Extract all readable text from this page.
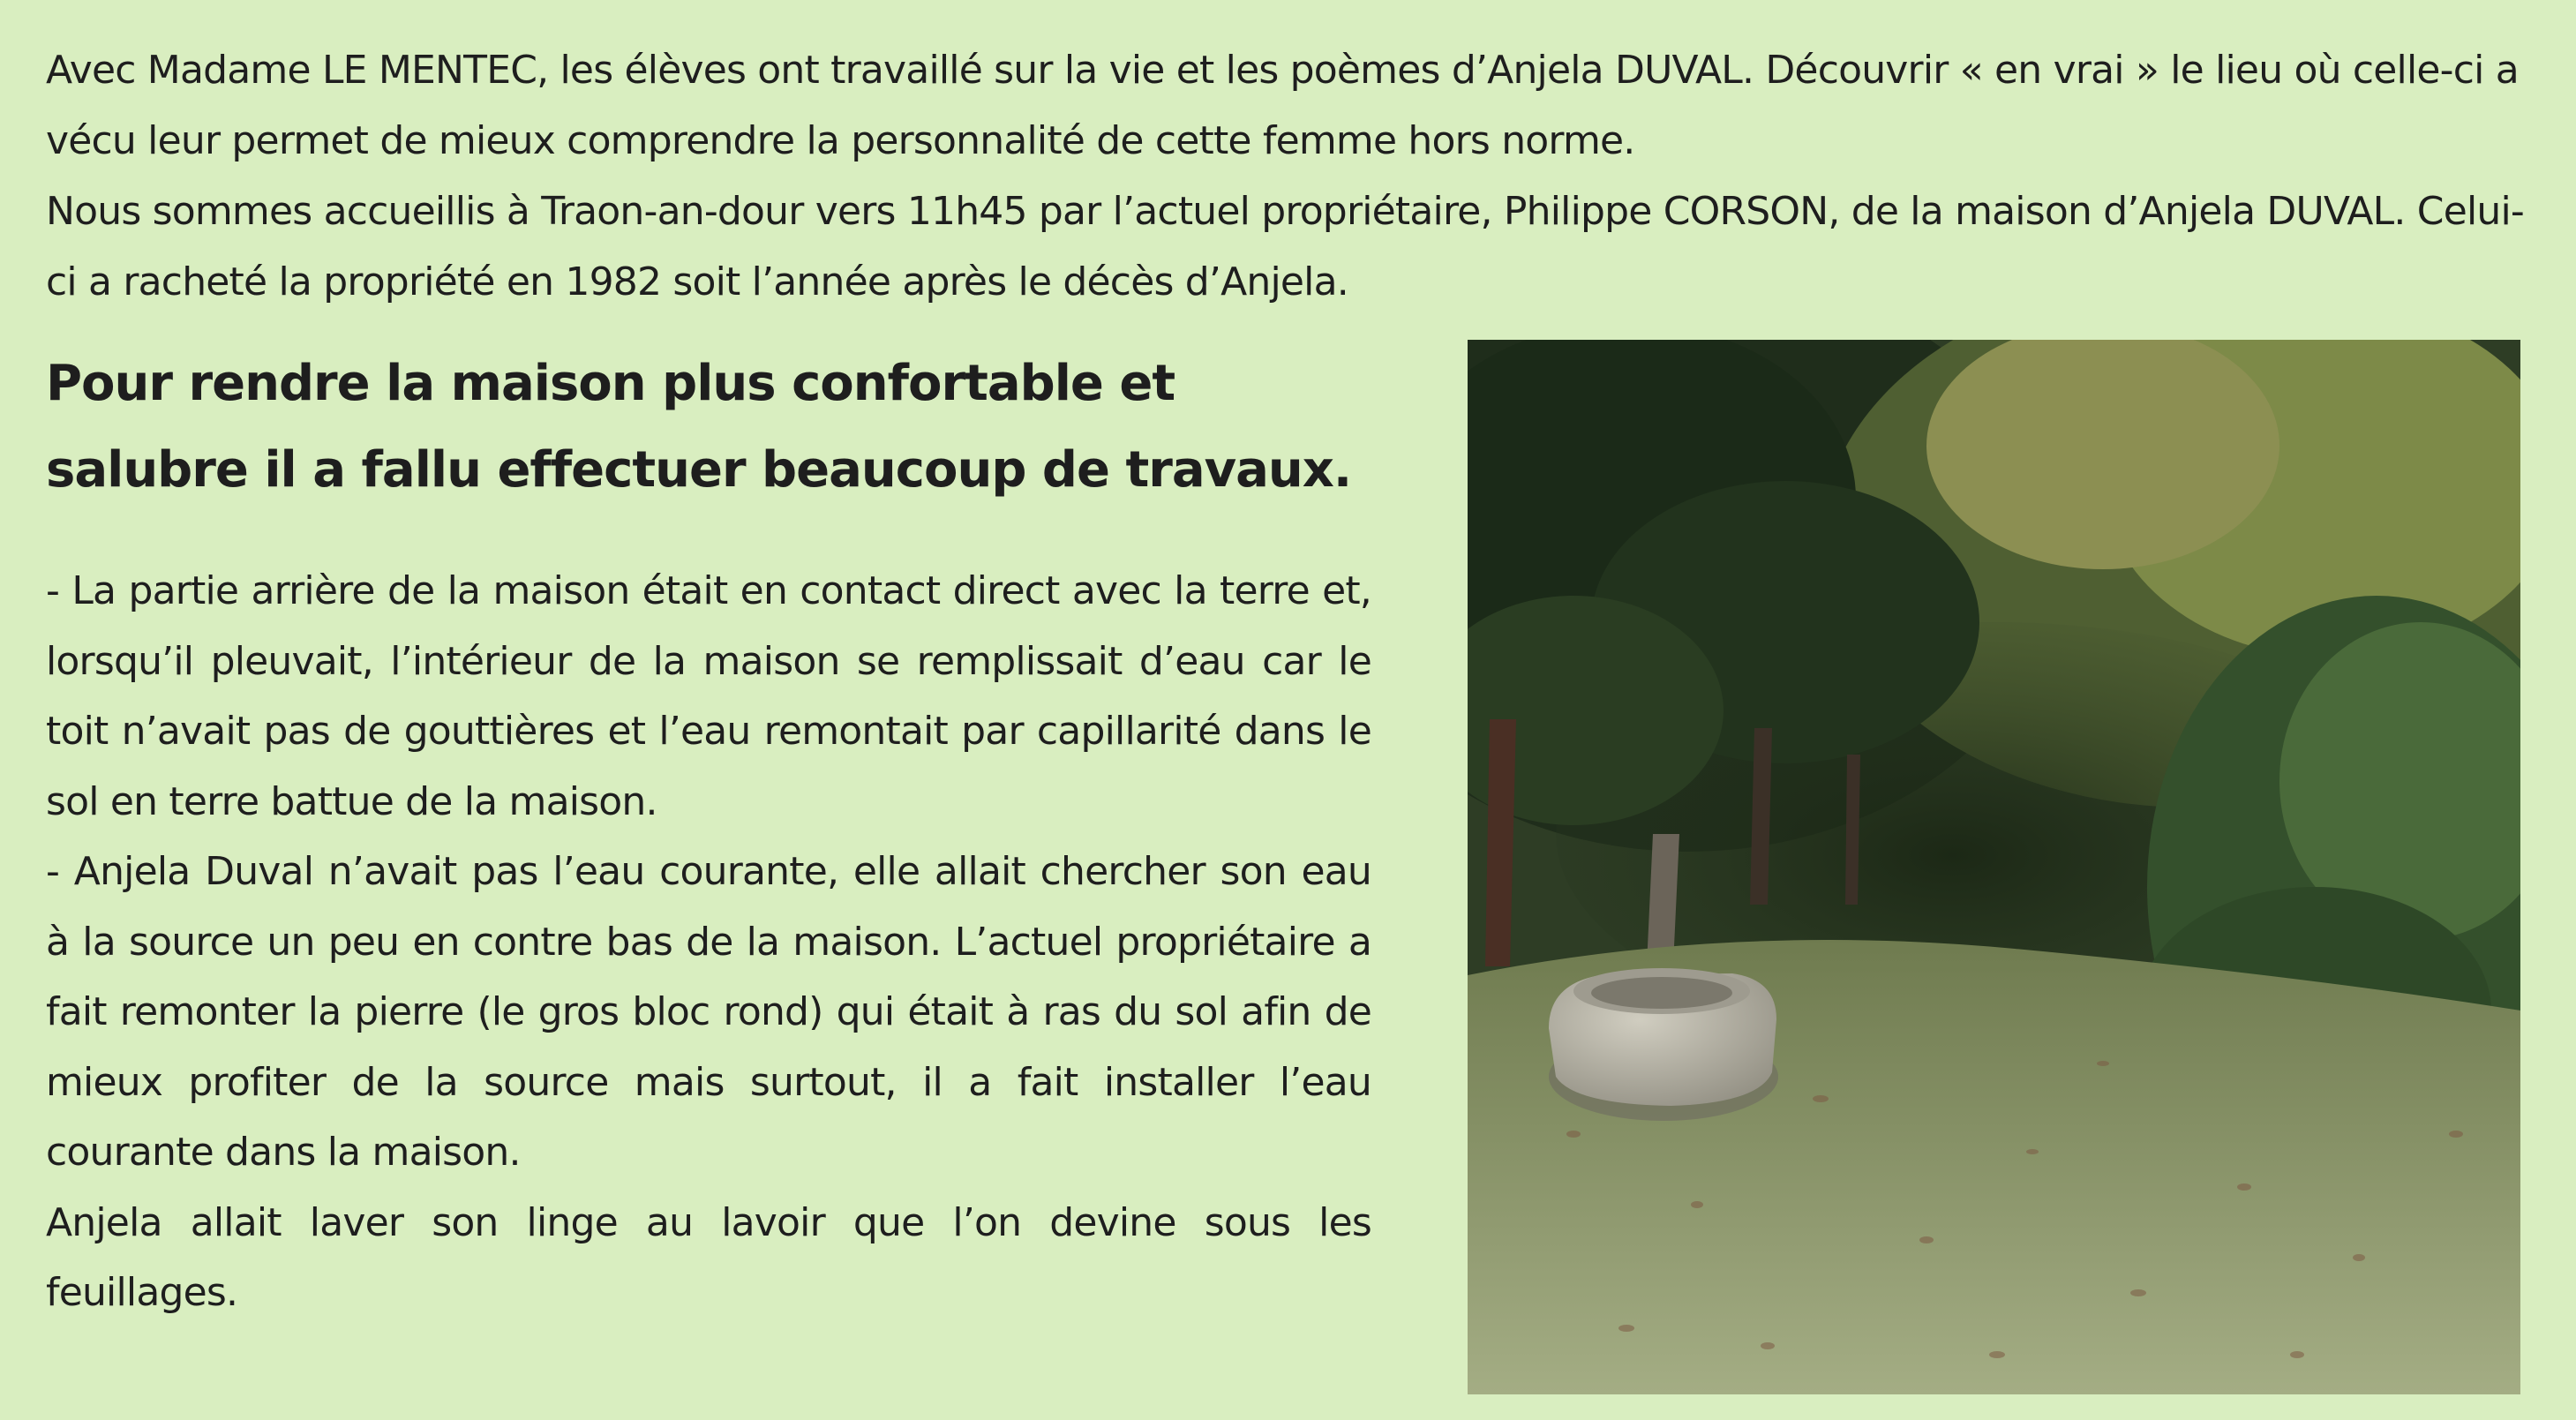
Avec Madame LE MENTEC, les élèves ont travaillé sur la vie et les poèmes d’Anjela DUVAL. Découvrir « en vrai » le lieu où celle-ci a vécu leur permet de mieux comprendre la personnalité de cette femme hors norme.

Nous sommes accueillis à Traon-an-dour vers 11h45 par l’actuel propriétaire, Philippe CORSON, de la maison d’Anjela DUVAL. Celui-ci a racheté la propriété en 1982 soit l’année après le décès d’Anjela.

Pour rendre la maison plus confortable et salubre il a fallu effectuer beaucoup de travaux.

- La partie arrière de la maison était en contact direct avec la terre et, lorsqu’il pleuvait, l’intérieur de la maison se remplissait d’eau car le toit n’avait pas de gouttières et l’eau remontait par capillarité dans le sol en terre battue de la maison.

- Anjela Duval n’avait pas l’eau courante, elle allait chercher son eau à la source un peu en contre bas de la maison. L’actuel propriétaire a fait remonter la pierre (le gros bloc rond) qui était à ras du sol afin de mieux profiter de la source mais surtout, il a fait installer l’eau courante dans la maison.

Anjela allait laver son linge au lavoir que l’on devine sous les feuillages.
